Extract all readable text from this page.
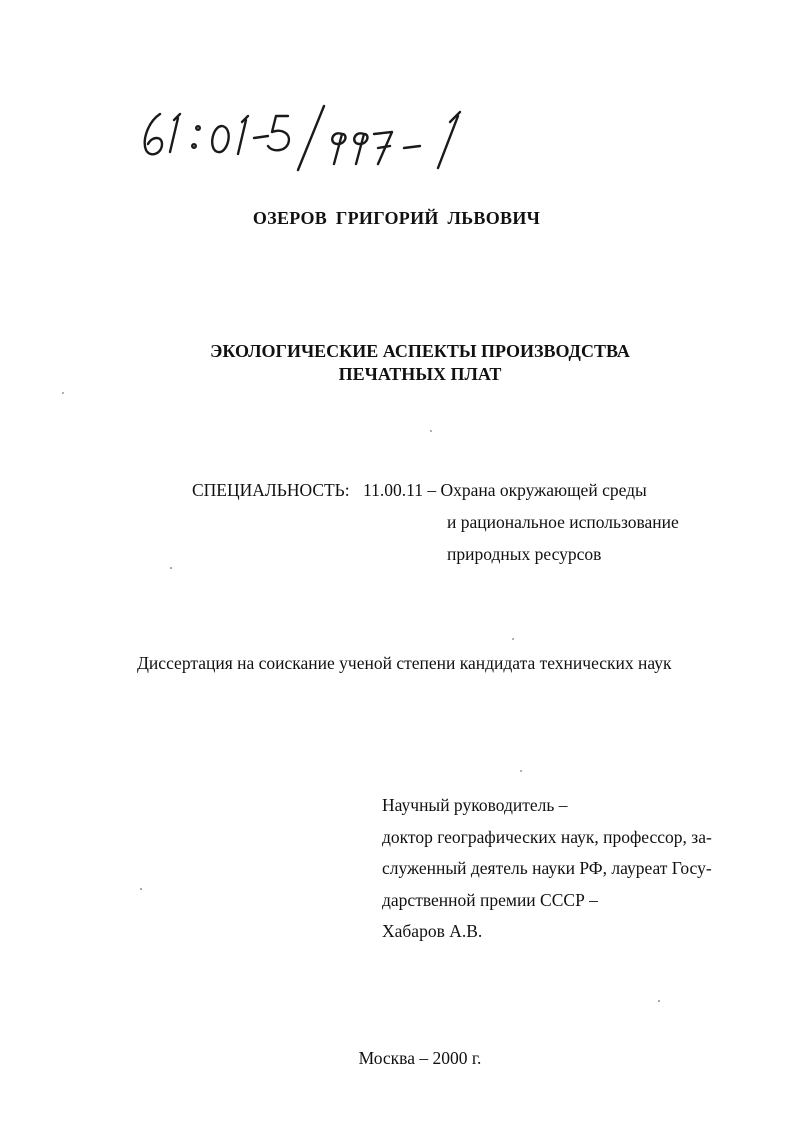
ОЗЕРОВ ГРИГОРИЙ ЛЬВОВИЧ
ЭКОЛОГИЧЕСКИЕ АСПЕКТЫ ПРОИЗВОДСТВА
ПЕЧАТНЫХ ПЛАТ
СПЕЦИАЛЬНОСТЬ: 11.00.11 – Охрана окружающей среды
и рациональное использование
природных ресурсов
Диссертация на соискание ученой степени кандидата технических наук
Научный руководитель –
доктор географических наук, профессор, за-
служенный деятель науки РФ, лауреат Госу-
дарственной премии СССР –
Хабаров А.В.
Москва – 2000 г.
